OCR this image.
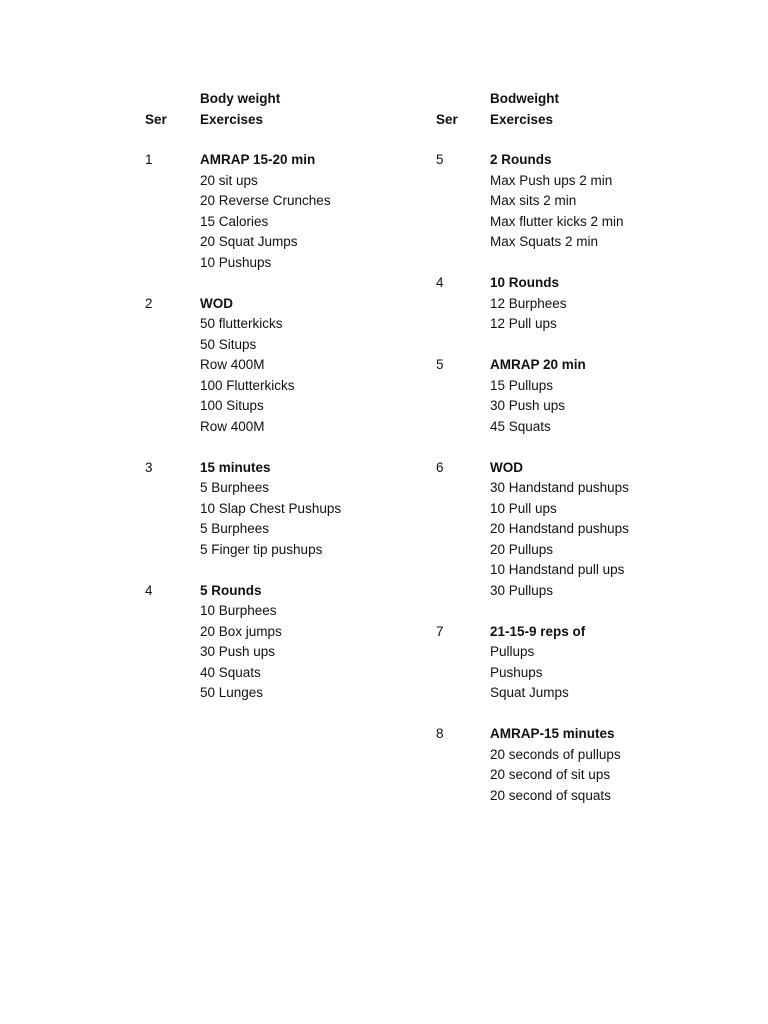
Ser
Body weight
Exercises
1	AMRAP 15-20 min
20 sit ups
20 Reverse Crunches
15 Calories
20 Squat Jumps
10 Pushups
2	WOD
50 flutterkicks
50 Situps
Row 400M
100 Flutterkicks
100 Situps
Row 400M
3	15 minutes
5 Burphees
10 Slap Chest Pushups
5 Burphees
5 Finger tip pushups
4	5 Rounds
10 Burphees
20 Box jumps
30 Push ups
40 Squats
50 Lunges
Ser
Bodweight
Exercises
5	2 Rounds
Max Push ups 2 min
Max sits 2 min
Max flutter kicks 2 min
Max Squats 2 min
4	10 Rounds
12 Burphees
12 Pull ups
5	AMRAP 20 min
15 Pullups
30 Push ups
45 Squats
6	WOD
30 Handstand pushups
10 Pull ups
20 Handstand pushups
20 Pullups
10 Handstand pull ups
30 Pullups
7	21-15-9 reps of
Pullups
Pushups
Squat Jumps
8	AMRAP-15 minutes
20 seconds of pullups
20 second of sit ups
20 second of squats
